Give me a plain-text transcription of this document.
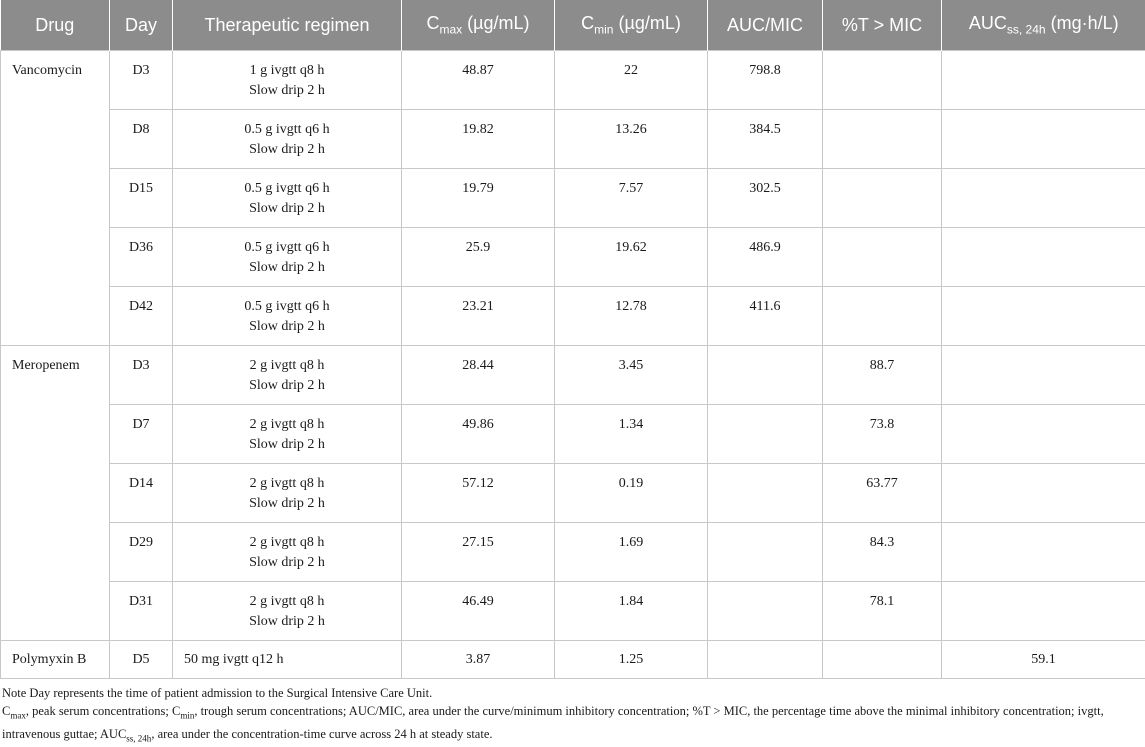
Drug	Day	Therapeutic regimen	$C_{max}$ (µg/mL)	$C_{min}$ (µg/mL)	AUC/MIC	%T > MIC	$AUC_{ss, 24h}$ (mg·h/L)
Vancomycin	D3	1 g ivgtt q8 h
Slow drip 2 h	48.87	22	798.8		
	D8	0.5 g ivgtt q6 h
Slow drip 2 h	19.82	13.26	384.5		
	D15	0.5 g ivgtt q6 h
Slow drip 2 h	19.79	7.57	302.5		
	D36	0.5 g ivgtt q6 h
Slow drip 2 h	25.9	19.62	486.9		
	D42	0.5 g ivgtt q6 h
Slow drip 2 h	23.21	12.78	411.6		
Meropenem	D3	2 g ivgtt q8 h
Slow drip 2 h	28.44	3.45		88.7	
	D7	2 g ivgtt q8 h
Slow drip 2 h	49.86	1.34		73.8	
	D14	2 g ivgtt q8 h
Slow drip 2 h	57.12	0.19		63.77	
	D29	2 g ivgtt q8 h
Slow drip 2 h	27.15	1.69		84.3	
	D31	2 g ivgtt q8 h
Slow drip 2 h	46.49	1.84		78.1	
Polymyxin B	D5	50 mg ivgtt q12 h	3.87	1.25			59.1
Note Day represents the time of patient admission to the Surgical Intensive Care Unit.
$C_{max}$, peak serum concentrations; $C_{min}$, trough serum concentrations; AUC/MIC, area under the curve/minimum inhibitory concentration; %T > MIC, the percentage time above the minimal inhibitory concentration; ivgtt, intravenous guttae; $AUC_{ss, 24h}$, area under the concentration-time curve across 24 h at steady state.
